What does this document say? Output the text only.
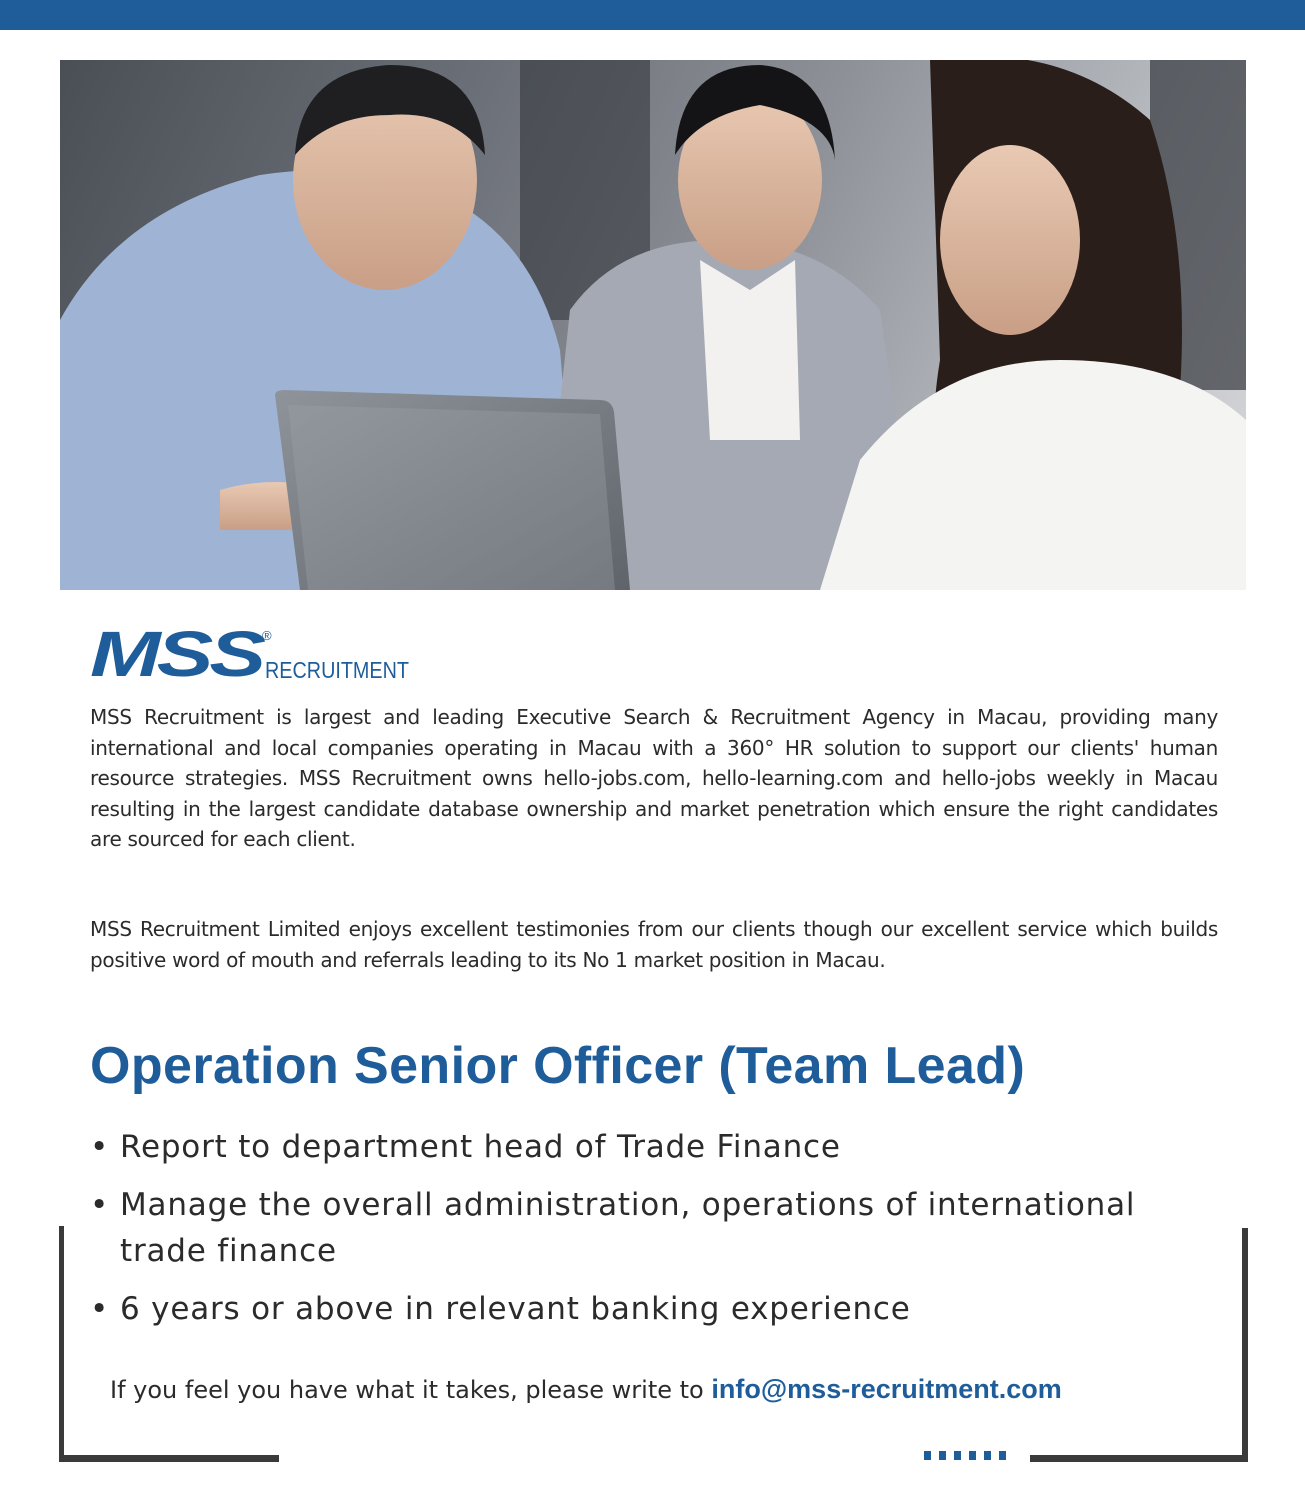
MSS
®
RECRUITMENT

MSS Recruitment is largest and leading Executive Search & Recruitment Agency in Macau, providing many international and local companies operating in Macau with a 360° HR solution to support our clients' human resource strategies. MSS Recruitment owns hello-jobs.com, hello-learning.com and hello-jobs weekly in Macau resulting in the largest candidate database ownership and market penetration which ensure the right candidates are sourced for each client.

MSS Recruitment Limited enjoys excellent testimonies from our clients though our excellent service which builds positive word of mouth and referrals leading to its No 1 market position in Macau.

Operation Senior Officer (Team Lead)
• Report to department head of Trade Finance
• Manage the overall administration, operations of international trade finance
• 6 years or above in relevant banking experience

If you feel you have what it takes, please write to info@mss-recruitment.com
